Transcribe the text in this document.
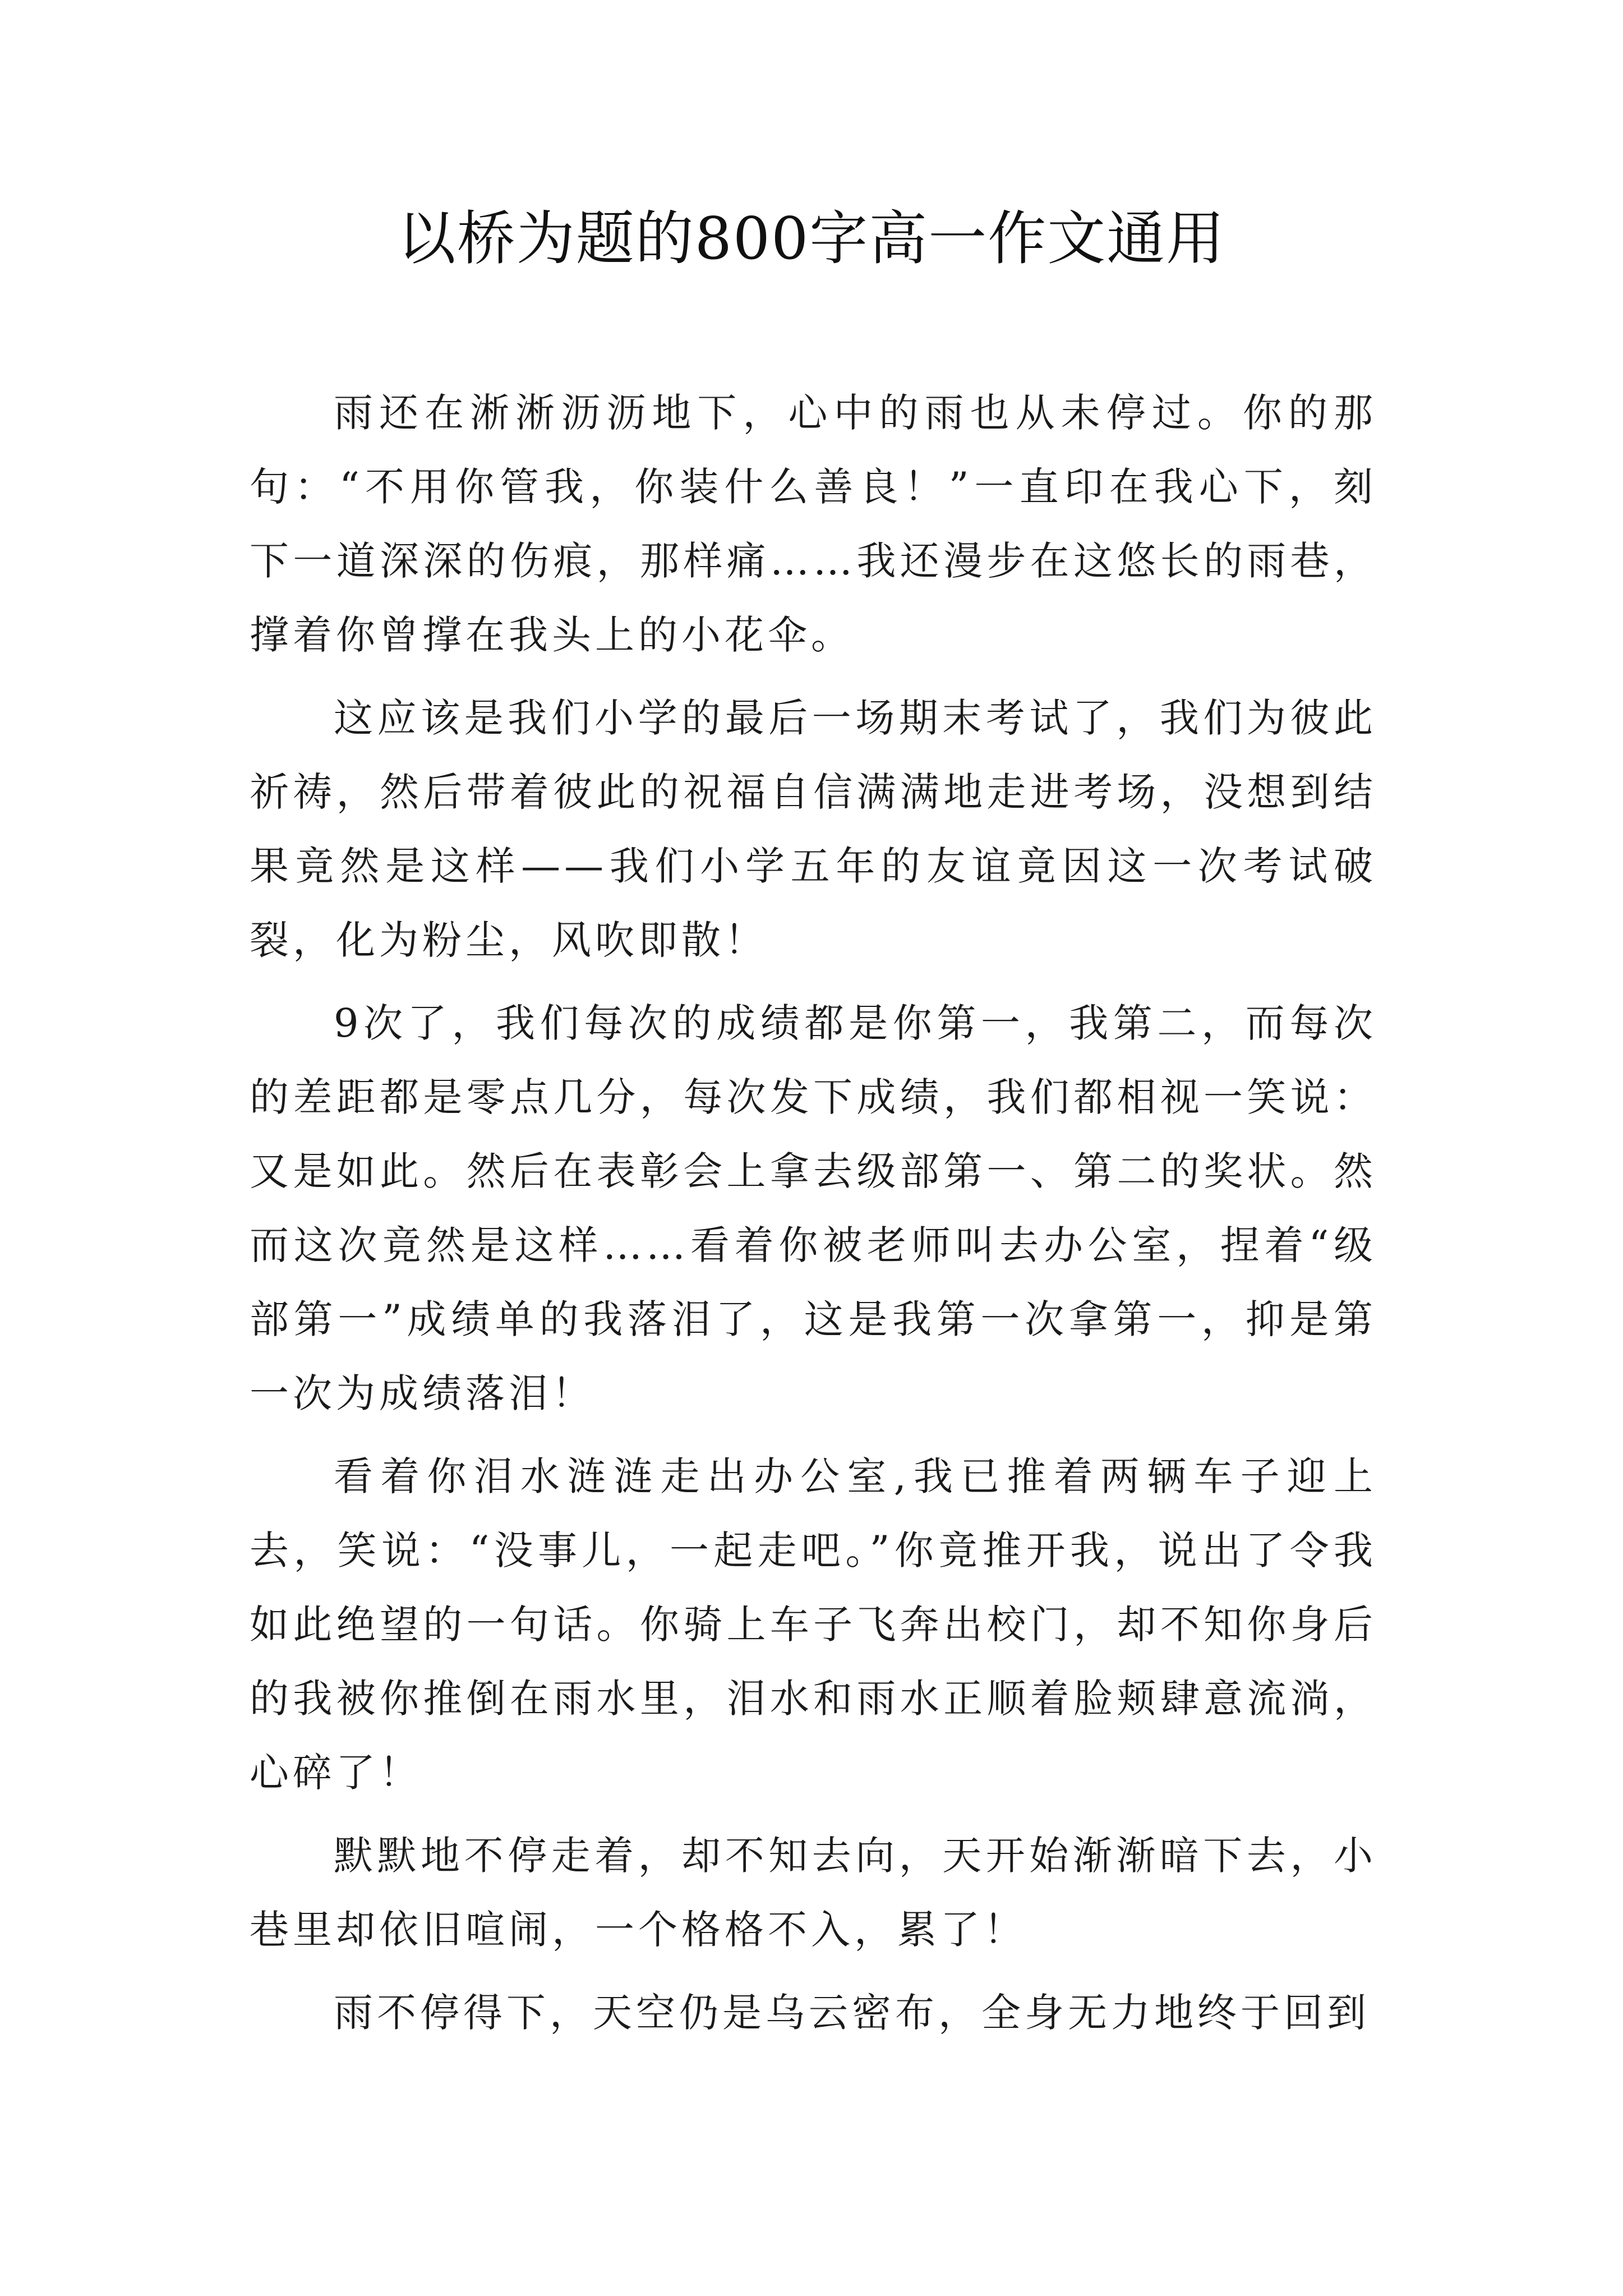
以桥为题的800字高一作文通用

雨还在淅淅沥沥地下，心中的雨也从未停过。你的那句：“不用你管我，你装什么善良！”一直印在我心下，刻下一道深深的伤痕，那样痛……我还漫步在这悠长的雨巷，撑着你曾撑在我头上的小花伞。

这应该是我们小学的最后一场期末考试了，我们为彼此祈祷，然后带着彼此的祝福自信满满地走进考场，没想到结果竟然是这样——我们小学五年的友谊竟因这一次考试破裂，化为粉尘，风吹即散！

9次了，我们每次的成绩都是你第一，我第二，而每次的差距都是零点几分，每次发下成绩，我们都相视一笑说：又是如此。然后在表彰会上拿去级部第一、第二的奖状。然而这次竟然是这样……看着你被老师叫去办公室，捏着“级部第一”成绩单的我落泪了，这是我第一次拿第一，抑是第一次为成绩落泪！

看着你泪水涟涟走出办公室,我已推着两辆车子迎上去，笑说：“没事儿，一起走吧。”你竟推开我，说出了令我如此绝望的一句话。你骑上车子飞奔出校门，却不知你身后的我被你推倒在雨水里，泪水和雨水正顺着脸颊肆意流淌，心碎了！

默默地不停走着，却不知去向，天开始渐渐暗下去，小巷里却依旧喧闹，一个格格不入，累了！

雨不停得下，天空仍是乌云密布，全身无力地终于回到
